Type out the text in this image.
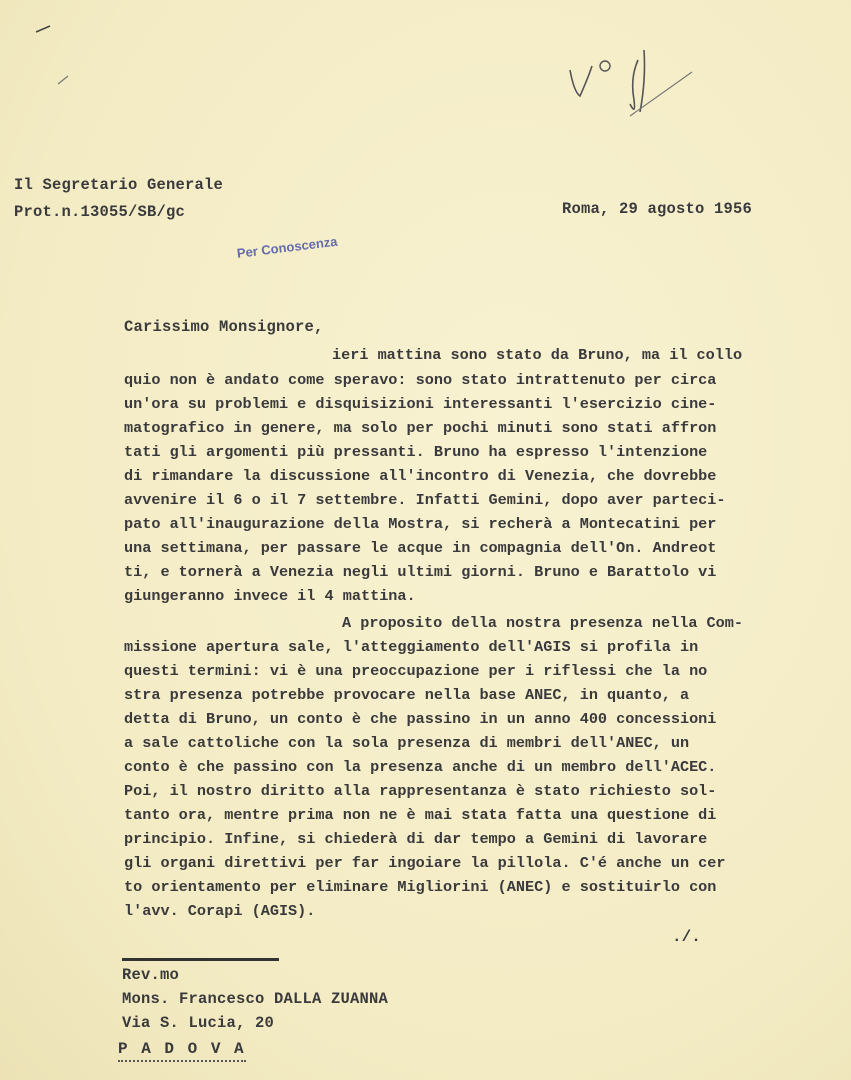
Il Segretario Generale
Prot.n.13055/SB/gc	Roma, 29 agosto 1956
Per Conoscenza
Carissimo Monsignore,
ieri mattina sono stato da Bruno, ma il collo
quio non è andato come speravo: sono stato intrattenuto per circa
un'ora su problemi e disquisizioni interessanti l'esercizio cine-
matografico in genere, ma solo per pochi minuti sono stati affron
tati gli argomenti più pressanti. Bruno ha espresso l'intenzione
di rimandare la discussione all'incontro di Venezia, che dovrebbe
avvenire il 6 o il 7 settembre. Infatti Gemini, dopo aver parteci-
pato all'inaugurazione della Mostra, si recherà a Montecatini per
una settimana, per passare le acque in compagnia dell'On. Andreot
ti, e tornerà a Venezia negli ultimi giorni. Bruno e Barattolo vi
giungeranno invece il 4 mattina.
A proposito della nostra presenza nella Com-
missione apertura sale, l'atteggiamento dell'AGIS si profila in
questi termini: vi è una preoccupazione per i riflessi che la no
stra presenza potrebbe provocare nella base ANEC, in quanto, a
detta di Bruno, un conto è che passino in un anno 400 concessioni
a sale cattoliche con la sola presenza di membri dell'ANEC, un
conto è che passino con la presenza anche di un membro dell'ACEC.
Poi, il nostro diritto alla rappresentanza è stato richiesto sol-
tanto ora, mentre prima non ne è mai stata fatta una questione di
principio. Infine, si chiederà di dar tempo a Gemini di lavorare
gli organi direttivi per far ingoiare la pillola. C'é anche un cer
to orientamento per eliminare Migliorini (ANEC) e sostituirlo con
l'avv. Corapi (AGIS).
./.
Rev.mo
Mons. Francesco DALLA ZUANNA
Via S. Lucia, 20
P A D O V A
